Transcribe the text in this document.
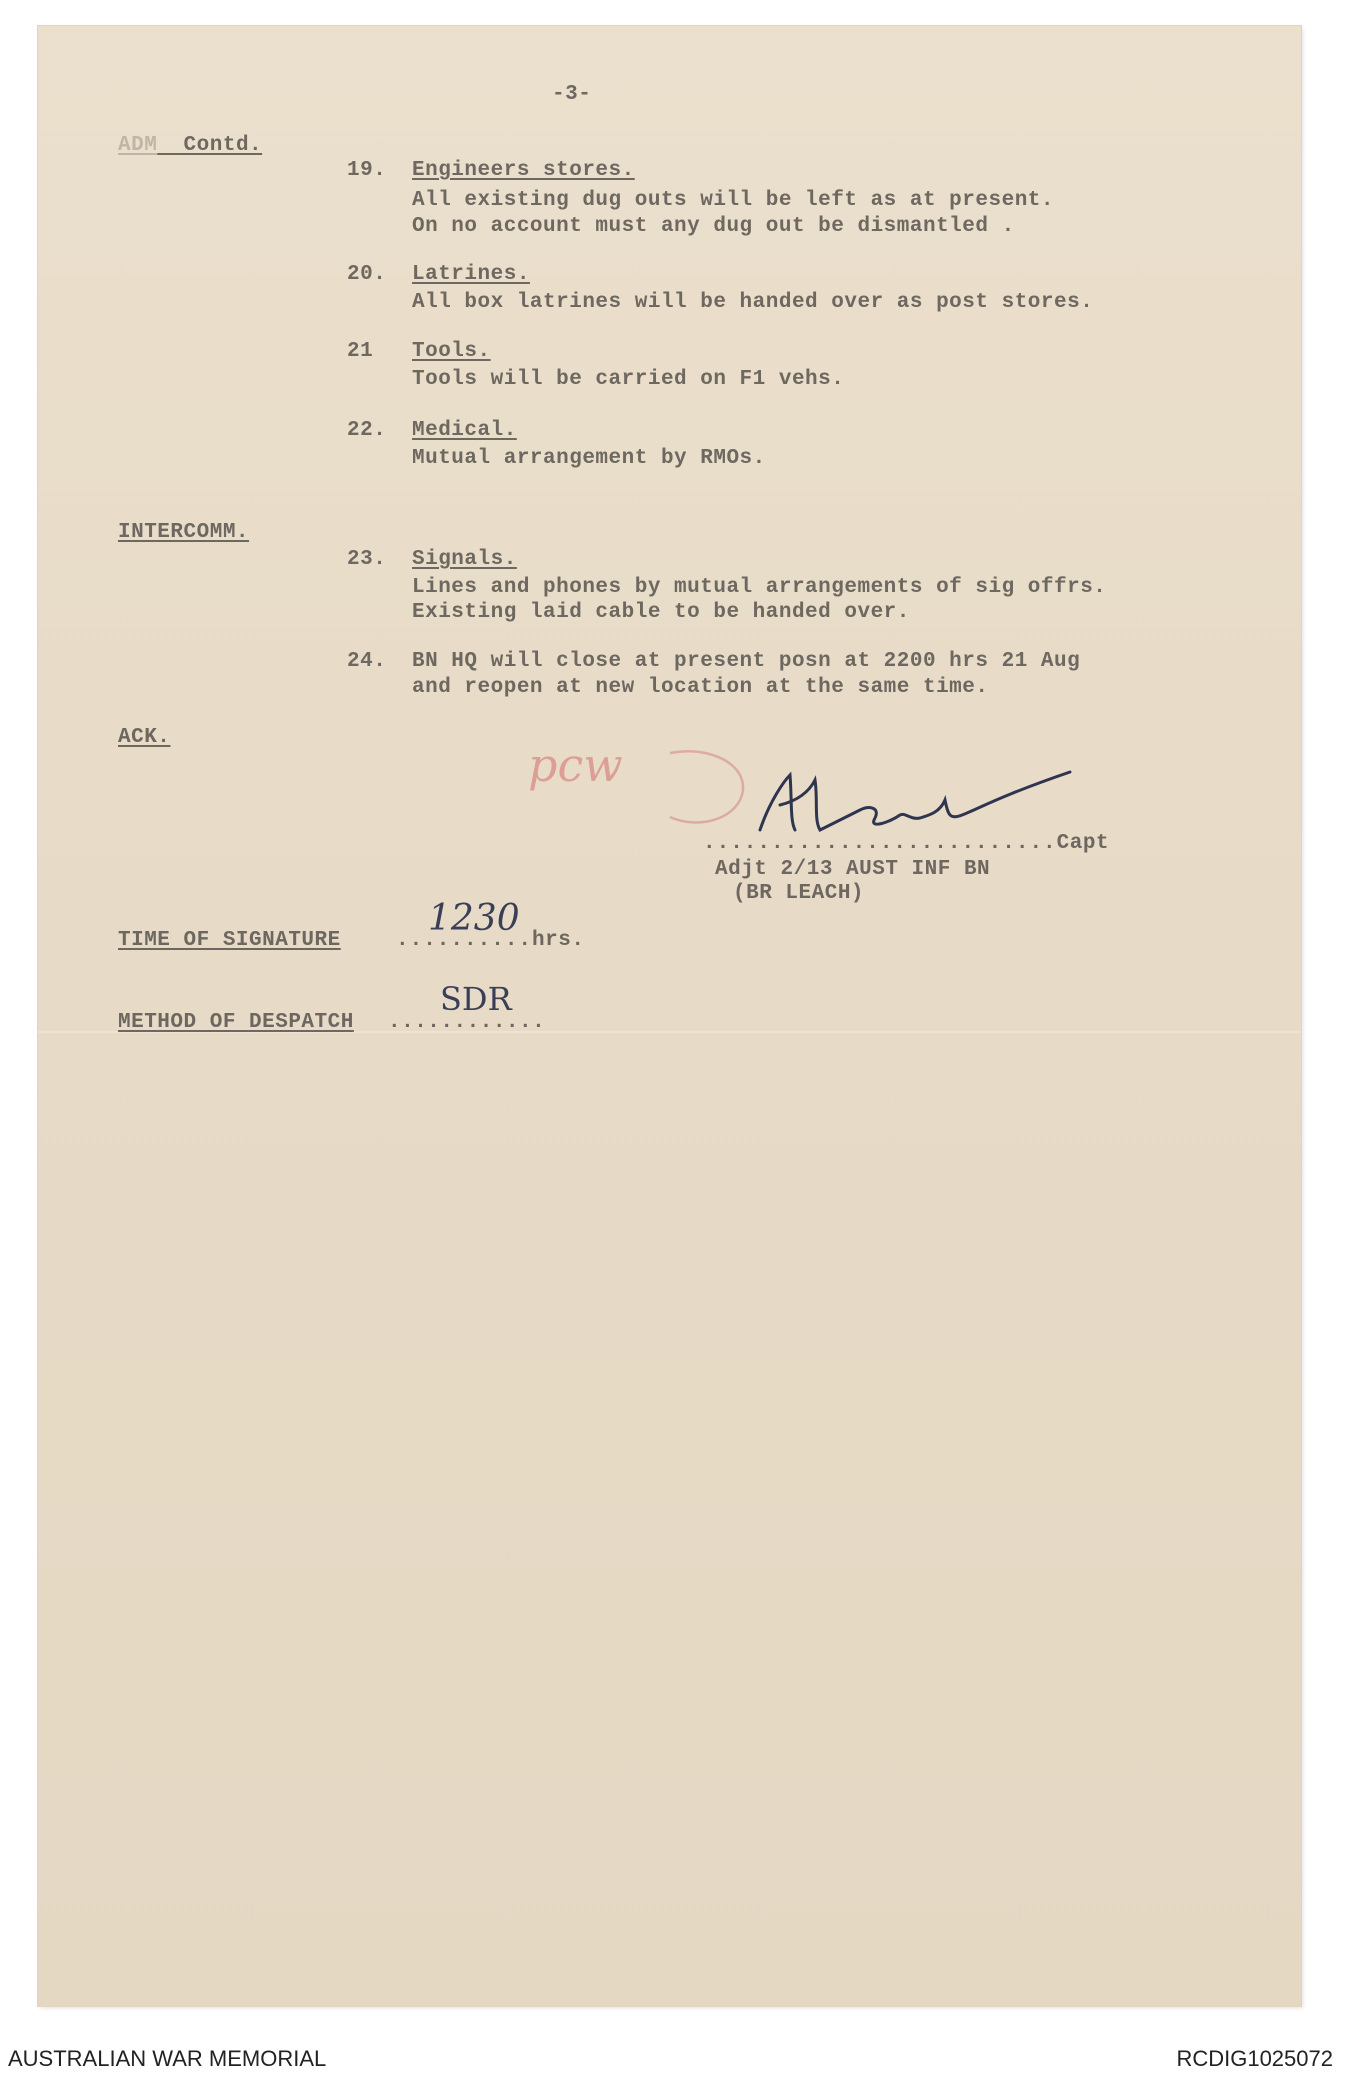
-3-
ADM Contd.
19. Engineers stores.
All existing dug outs will be left as at present.
On no account must any dug out be dismantled .
20. Latrines.
All box latrines will be handed over as post stores.
21 Tools.
Tools will be carried on F1 vehs.
22. Medical.
Mutual arrangement by RMOs.
INTERCOMM.
23. Signals.
Lines and phones by mutual arrangements of sig offrs.
Existing laid cable to be handed over.
24. BN HQ will close at present posn at 2200 hrs 21 Aug
and reopen at new location at the same time.
ACK.
pcw
..........................Capt
Adjt 2/13 AUST INF BN
(BR LEACH)
TIME OF SIGNATURE	..........hrs.
1230
METHOD OF DESPATCH ............
SDR
AUSTRALIAN WAR MEMORIAL	RCDIG1025072
